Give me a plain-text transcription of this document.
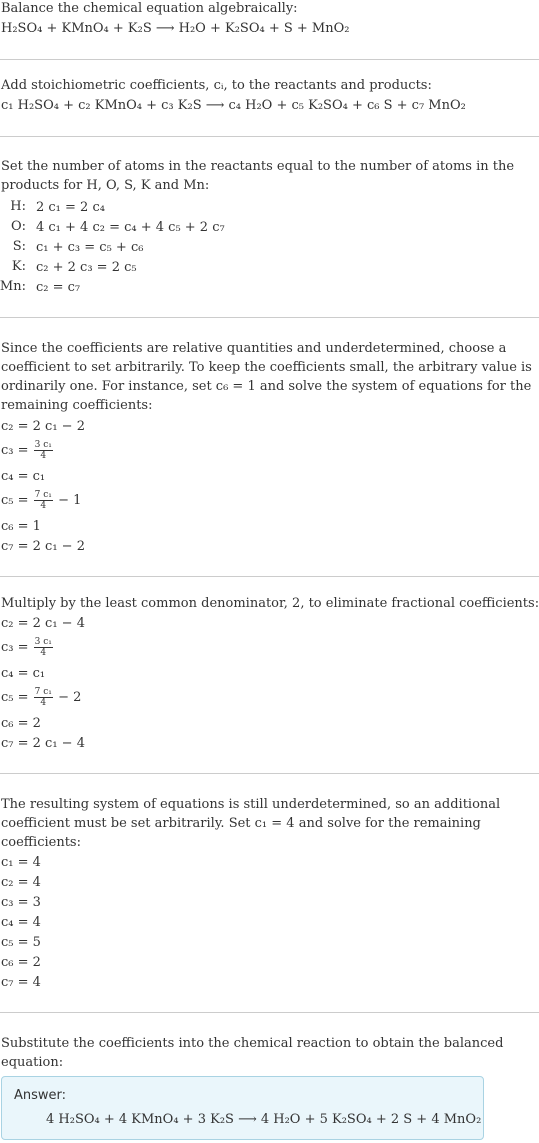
Balance the chemical equation algebraically:
H₂SO₄ + KMnO₄ + K₂S ⟶ H₂O + K₂SO₄ + S + MnO₂
Add stoichiometric coefficients, cᵢ, to the reactants and products:
c₁ H₂SO₄ + c₂ KMnO₄ + c₃ K₂S ⟶ c₄ H₂O + c₅ K₂SO₄ + c₆ S + c₇ MnO₂
Set the number of atoms in the reactants equal to the number of atoms in the
products for H, O, S, K and Mn:
H: 2 c₁ = 2 c₄
O: 4 c₁ + 4 c₂ = c₄ + 4 c₅ + 2 c₇
S: c₁ + c₃ = c₅ + c₆
K: c₂ + 2 c₃ = 2 c₅
Mn: c₂ = c₇
Since the coefficients are relative quantities and underdetermined, choose a
coefficient to set arbitrarily. To keep the coefficients small, the arbitrary value is
ordinarily one. For instance, set c₆ = 1 and solve the system of equations for the
remaining coefficients:
c₂ = 2 c₁ − 2
$c_3 = \frac{\text{3 c₁}}{4}$
c₄ = c₁
$c_5 = \frac{\text{7 c₁}}{4} - 1$
c₆ = 1
c₇ = 2 c₁ − 2
Multiply by the least common denominator, 2, to eliminate fractional coefficients:
c₂ = 2 c₁ − 4
$c_3 = \frac{\text{3 c₁}}{4}$
c₄ = c₁
$c_5 = \frac{\text{7 c₁}}{4} - 2$
c₆ = 2
c₇ = 2 c₁ − 4
The resulting system of equations is still underdetermined, so an additional
coefficient must be set arbitrarily. Set c₁ = 4 and solve for the remaining
coefficients:
c₁ = 4
c₂ = 4
c₃ = 3
c₄ = 4
c₅ = 5
c₆ = 2
c₇ = 4
Substitute the coefficients into the chemical reaction to obtain the balanced
equation:
Answer:
4 H₂SO₄ + 4 KMnO₄ + 3 K₂S ⟶ 4 H₂O + 5 K₂SO₄ + 2 S + 4 MnO₂
